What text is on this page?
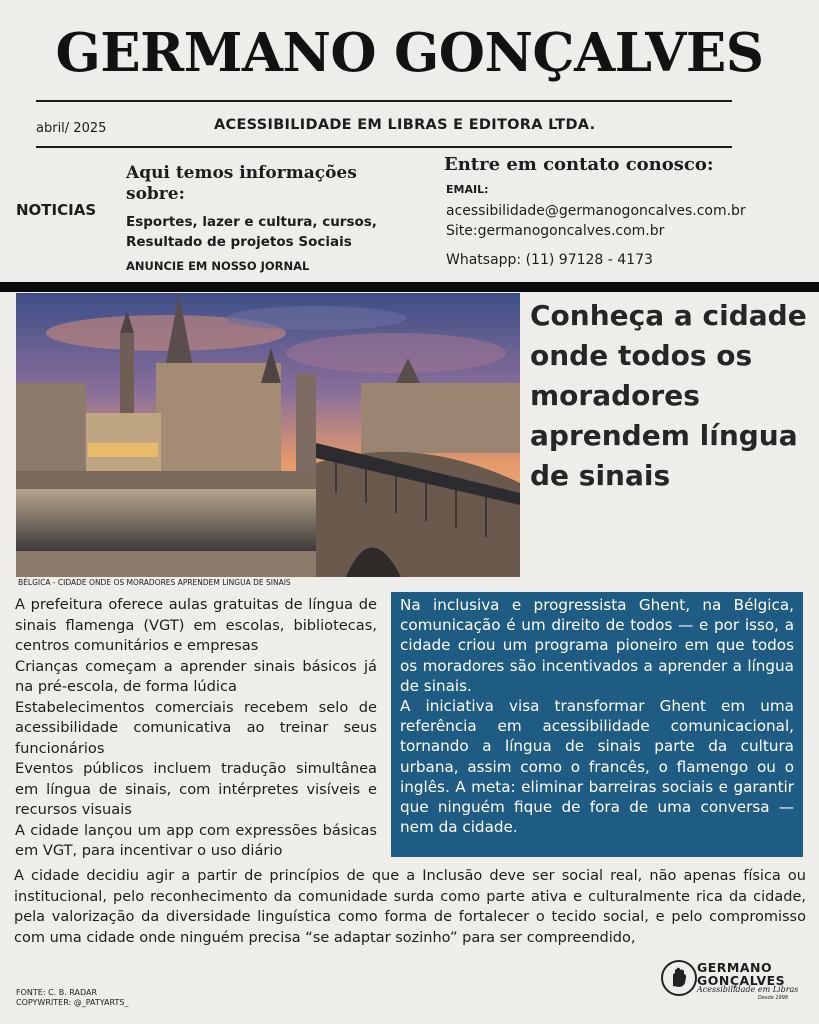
GERMANO GONÇALVES
abril/ 2025	ACESSIBILIDADE EM LIBRAS E EDITORA LTDA.
NOTICIAS
Aqui temos informações sobre:
Esportes, lazer e cultura, cursos, Resultado de projetos Sociais
ANUNCIE EM NOSSO JORNAL
Entre em contato conosco:
EMAIL:
acessibilidade@germanogoncalves.com.br
Site:germanogoncalves.com.br
Whatsapp: (11) 97128 - 4173
BÉLGICA - CIDADE ONDE OS MORADORES APRENDEM LINGUA DE SINAIS
Conheça a cidade onde todos os moradores aprendem língua de sinais

A prefeitura oferece aulas gratuitas de língua de sinais flamenga (VGT) em escolas, bibliotecas, centros comunitários e empresas

Crianças começam a aprender sinais básicos já na pré-escola, de forma lúdica

Estabelecimentos comerciais recebem selo de acessibilidade comunicativa ao treinar seus funcionários

Eventos públicos incluem tradução simultânea em língua de sinais, com intérpretes visíveis e recursos visuais

A cidade lançou um app com expressões básicas em VGT, para incentivar o uso diário

Na inclusiva e progressista Ghent, na Bélgica, comunicação é um direito de todos — e por isso, a cidade criou um programa pioneiro em que todos os moradores são incentivados a aprender a língua de sinais.

A iniciativa visa transformar Ghent em uma referência em acessibilidade comunicacional, tornando a língua de sinais parte da cultura urbana, assim como o francês, o flamengo ou o inglês. A meta: eliminar barreiras sociais e garantir que ninguém fique de fora de uma conversa — nem da cidade.

A cidade decidiu agir a partir de princípios de que a Inclusão deve ser social real, não apenas física ou institucional, pelo reconhecimento da comunidade surda como parte ativa e culturalmente rica da cidade, pela valorização da diversidade linguística como forma de fortalecer o tecido social, e pelo compromisso com uma cidade onde ninguém precisa “se adaptar sozinho” para ser compreendido,
FONTE: C. B. RADAR
COPYWRITER: @_PATYARTS_
GERMANO
GONÇALVES
Acessibilidade em Libras
Desde 1998
